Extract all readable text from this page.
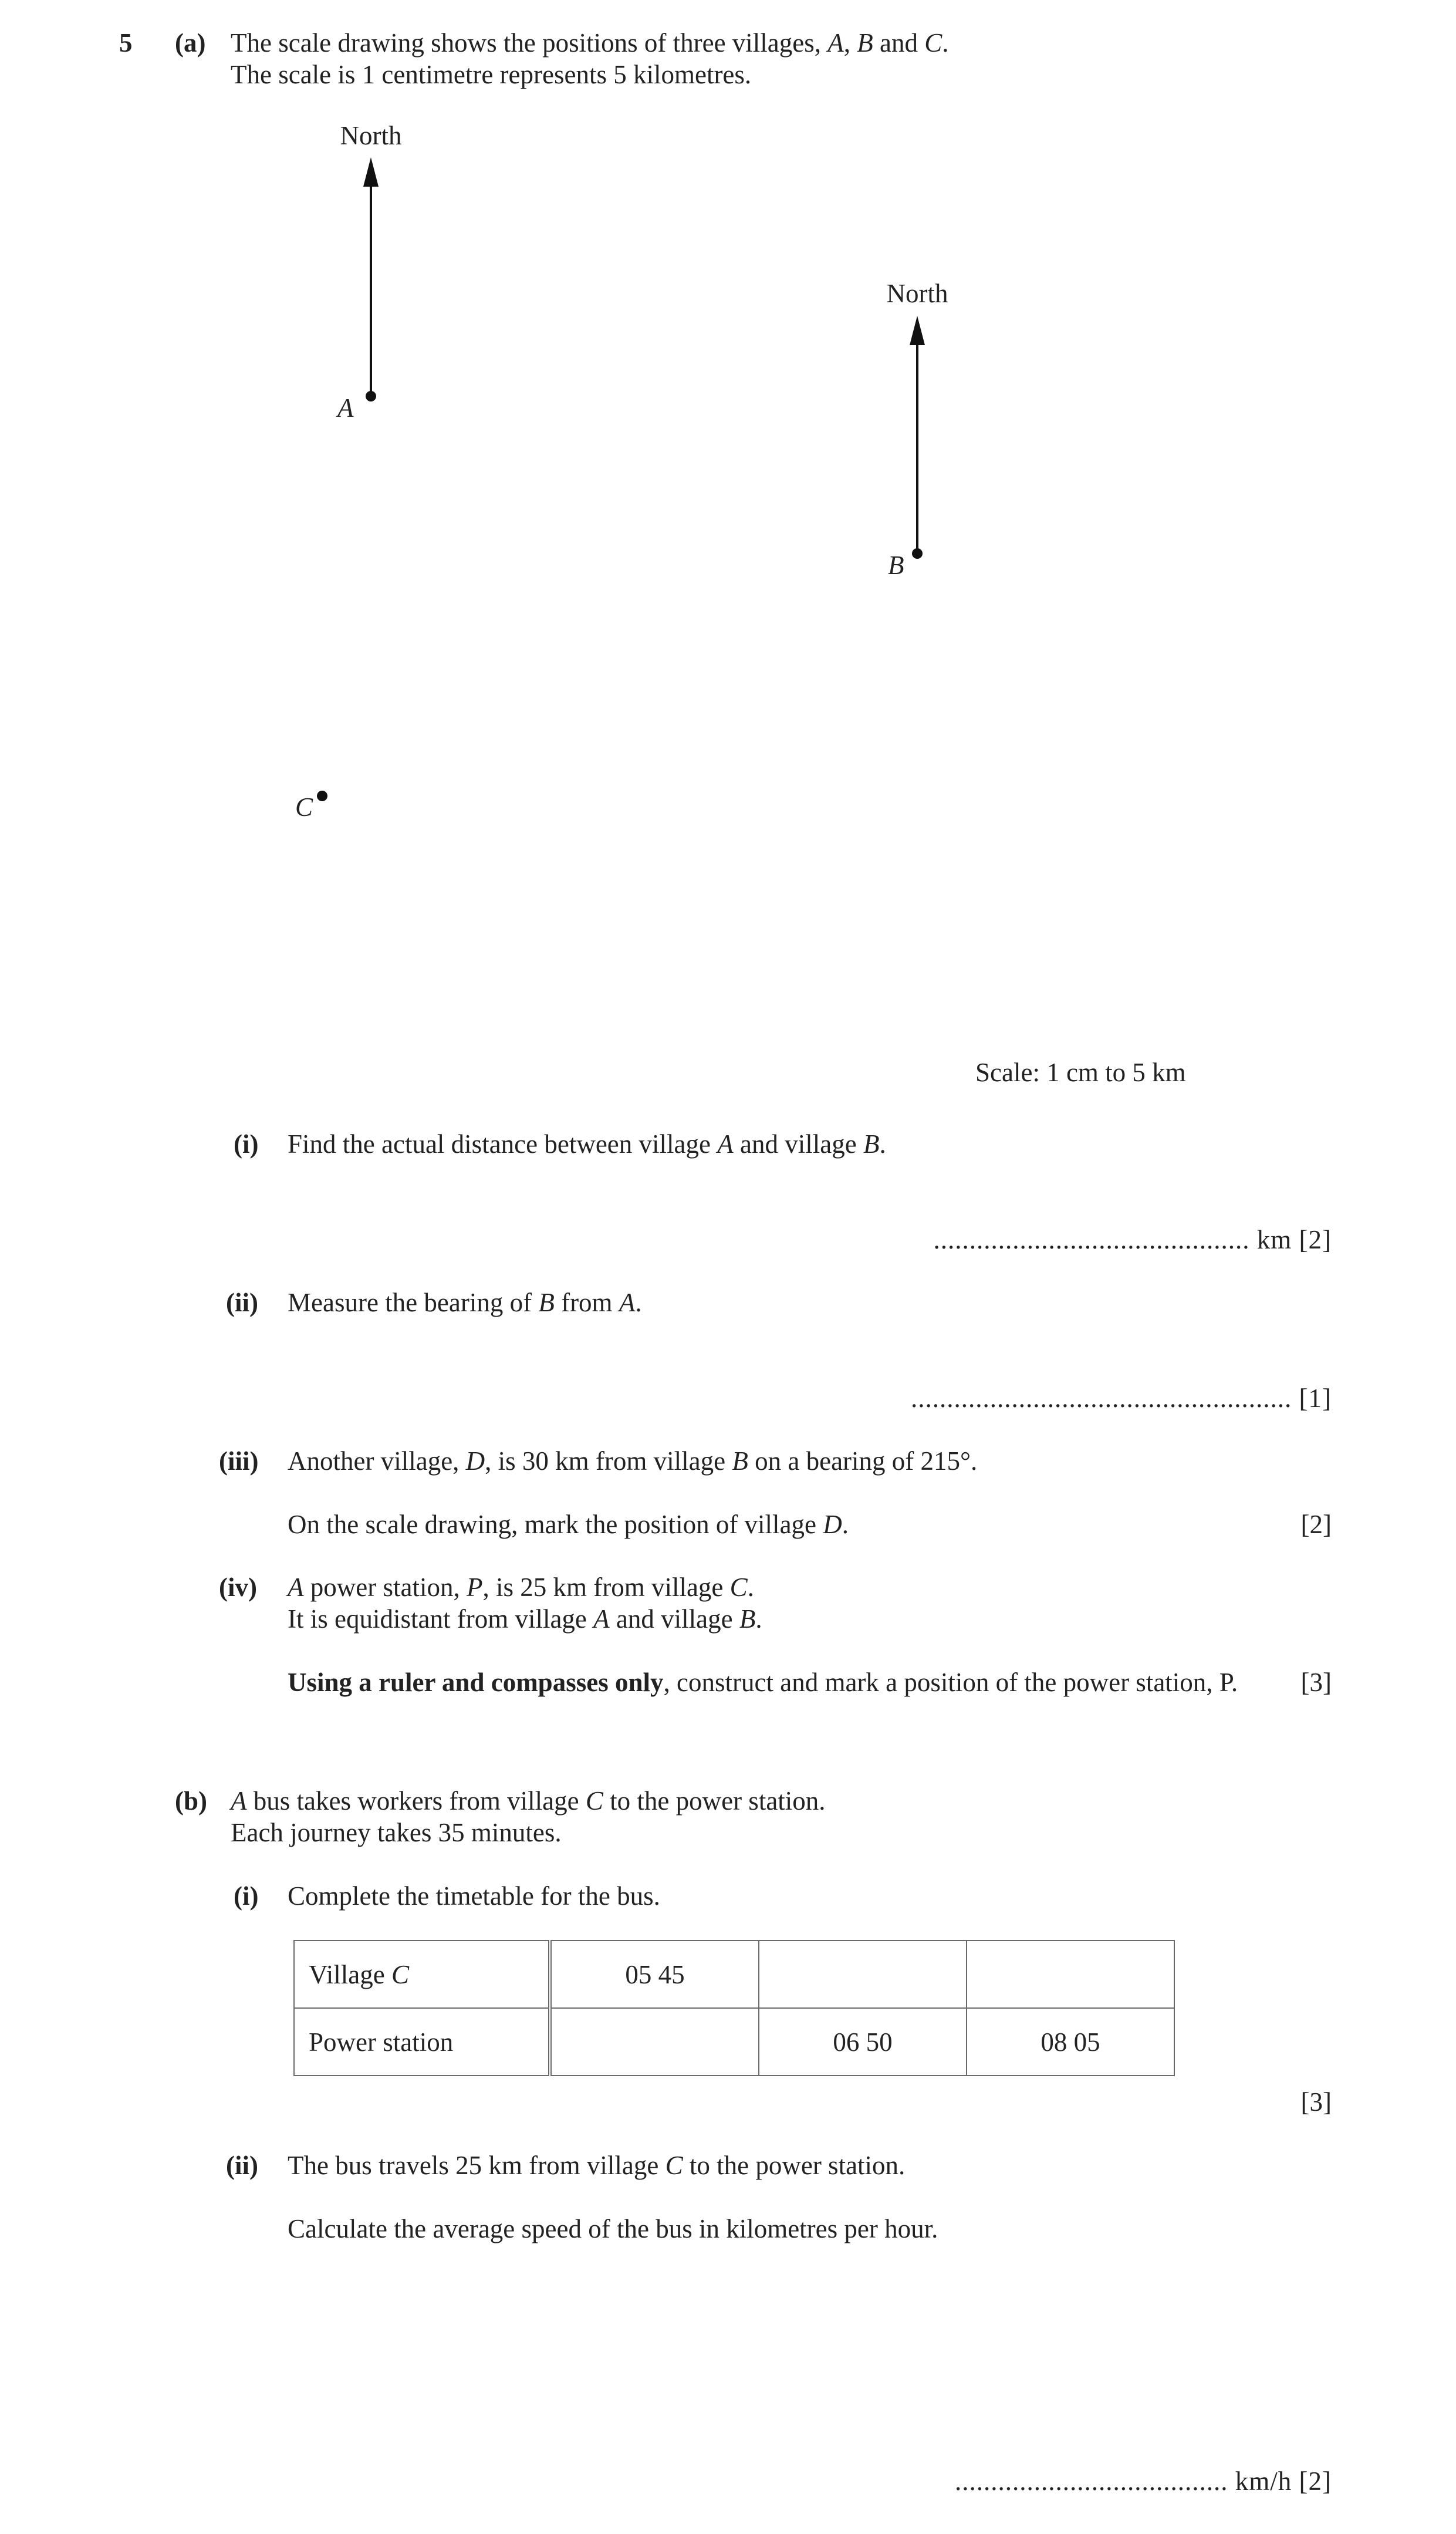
5 (a) The scale drawing shows the positions of three villages, A, B and C.
The scale is 1 centimetre represents 5 kilometres.
North
A
North
B
C
Scale: 1 cm to 5 km
(i) Find the actual distance between village A and village B.
............................................ km [2]
(ii) Measure the bearing of B from A.
..................................................... [1]
(iii) Another village, D, is 30 km from village B on a bearing of 215°.
On the scale drawing, mark the position of village D.	[2]
(iv) A power station, P, is 25 km from village C.
It is equidistant from village A and village B.
Using a ruler and compasses only, construct and mark a position of the power station, P. [3]
(b) A bus takes workers from village C to the power station.
Each journey takes 35 minutes.
(i) Complete the timetable for the bus.
Village C	05 45		
Power station		06 50	08 05
[3]
(ii) The bus travels 25 km from village C to the power station.
Calculate the average speed of the bus in kilometres per hour.
...................................... km/h [2]
